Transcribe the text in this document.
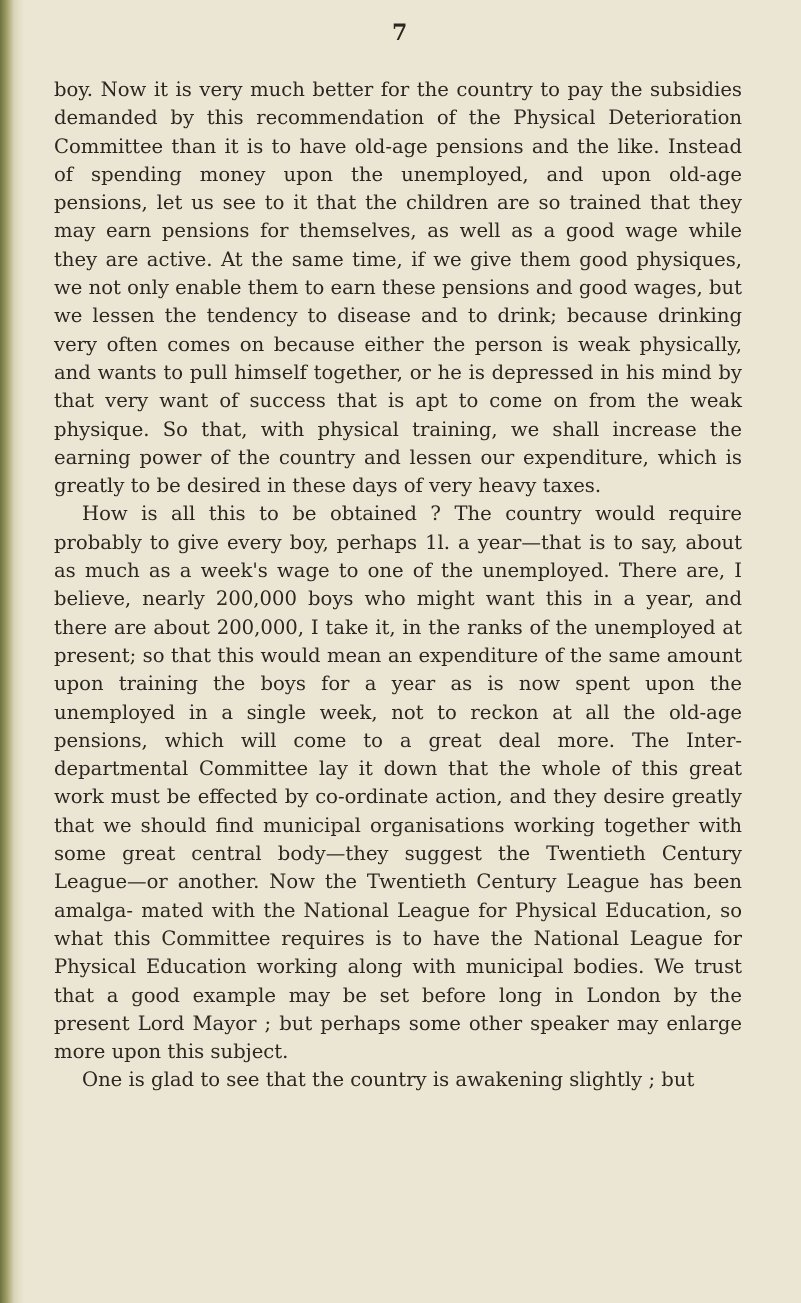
7

boy. Now it is very much better for the country to pay the subsidies demanded by this recommendation of the Physical Deterioration Committee than it is to have old-age pensions and the like. Instead of spending money upon the unemployed, and upon old-age pensions, let us see to it that the children are so trained that they may earn pensions for themselves, as well as a good wage while they are active. At the same time, if we give them good physiques, we not only enable them to earn these pensions and good wages, but we lessen the tendency to disease and to drink; because drinking very often comes on because either the person is weak physically, and wants to pull himself together, or he is depressed in his mind by that very want of success that is apt to come on from the weak physique. So that, with physical training, we shall increase the earning power of the country and lessen our expenditure, which is greatly to be desired in these days of very heavy taxes.

How is all this to be obtained ? The country would require probably to give every boy, perhaps 1l. a year—that is to say, about as much as a week's wage to one of the unemployed. There are, I believe, nearly 200,000 boys who might want this in a year, and there are about 200,000, I take it, in the ranks of the unemployed at present; so that this would mean an expenditure of the same amount upon training the boys for a year as is now spent upon the unemployed in a single week, not to reckon at all the old-age pensions, which will come to a great deal more. The Inter-departmental Committee lay it down that the whole of this great work must be effected by co-ordinate action, and they desire greatly that we should find municipal organisations working together with some great central body—they suggest the Twentieth Century League—or another. Now the Twentieth Century League has been amalga- mated with the National League for Physical Education, so what this Committee requires is to have the National League for Physical Education working along with municipal bodies. We trust that a good example may be set before long in London by the present Lord Mayor ; but perhaps some other speaker may enlarge more upon this subject.

One is glad to see that the country is awakening slightly ; but
